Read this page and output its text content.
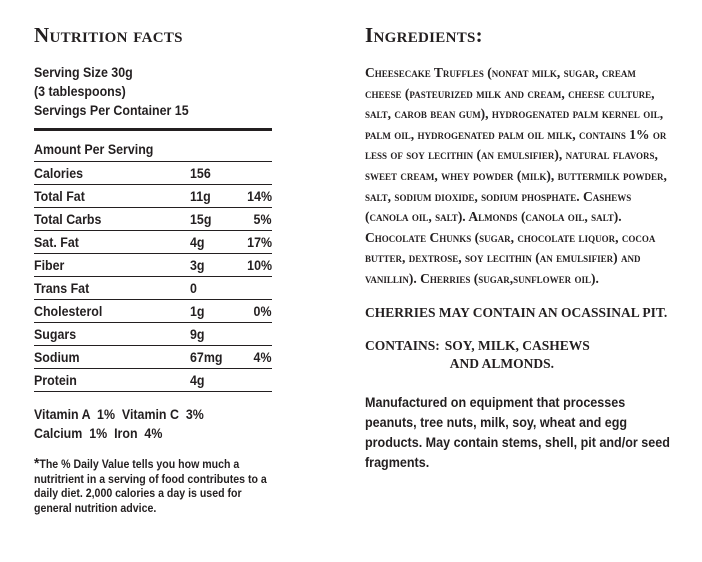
Nutrition facts
Serving Size 30g
(3 tablespoons)
Servings Per Container 15
Amount Per Serving
Calories	156
Total Fat	11g	14%
Total Carbs	15g	5%
Sat. Fat	4g	17%
Fiber	3g	10%
Trans Fat	0
Cholesterol	1g	0%
Sugars	9g
Sodium	67mg	4%
Protein	4g
Vitamin A  1%  Vitamin C  3%
Calcium  1%  Iron  4%
*The % Daily Value tells you how much a nutritrient in a serving of food contributes to a daily diet. 2,000 calories a day is used for general nutrition advice.
Ingredients:
Cheesecake Truffles (nonfat milk, sugar, cream cheese (pasteurized milk and cream, cheese culture, salt, carob bean gum), hydrogenated palm kernel oil, palm oil, hydrogenated palm oil milk, contains 1% or less of soy lecithin (an emulsifier), natural flavors, sweet cream, whey powder (milk), buttermilk powder, salt, sodium dioxide, sodium phosphate. Cashews (canola oil, salt). Almonds (canola oil, salt). Chocolate Chunks (sugar, chocolate liquor, cocoa butter, dextrose, soy lecithin (an emulsifier) and vanillin). Cherries (sugar,sunflower oil).
CHERRIES MAY CONTAIN AN OCASSINAL PIT.
CONTAINS: SOY, MILK, CASHEWS
AND ALMONDS.
Manufactured on equipment that processes peanuts, tree nuts, milk, soy, wheat and egg products. May contain stems, shell, pit and/or seed fragments.
